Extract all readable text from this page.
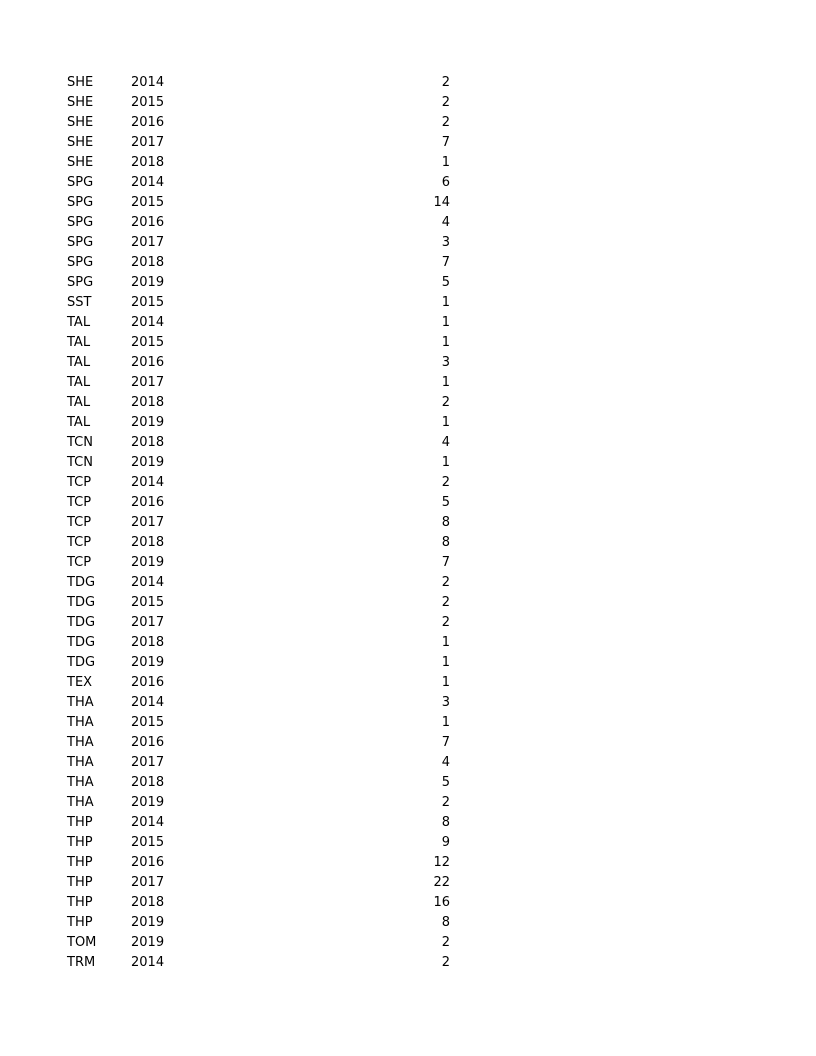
SHE	2014	2
SHE	2015	2
SHE	2016	2
SHE	2017	7
SHE	2018	1
SPG	2014	6
SPG	2015	14
SPG	2016	4
SPG	2017	3
SPG	2018	7
SPG	2019	5
SST	2015	1
TAL	2014	1
TAL	2015	1
TAL	2016	3
TAL	2017	1
TAL	2018	2
TAL	2019	1
TCN	2018	4
TCN	2019	1
TCP	2014	2
TCP	2016	5
TCP	2017	8
TCP	2018	8
TCP	2019	7
TDG	2014	2
TDG	2015	2
TDG	2017	2
TDG	2018	1
TDG	2019	1
TEX	2016	1
THA	2014	3
THA	2015	1
THA	2016	7
THA	2017	4
THA	2018	5
THA	2019	2
THP	2014	8
THP	2015	9
THP	2016	12
THP	2017	22
THP	2018	16
THP	2019	8
TOM	2019	2
TRM	2014	2
